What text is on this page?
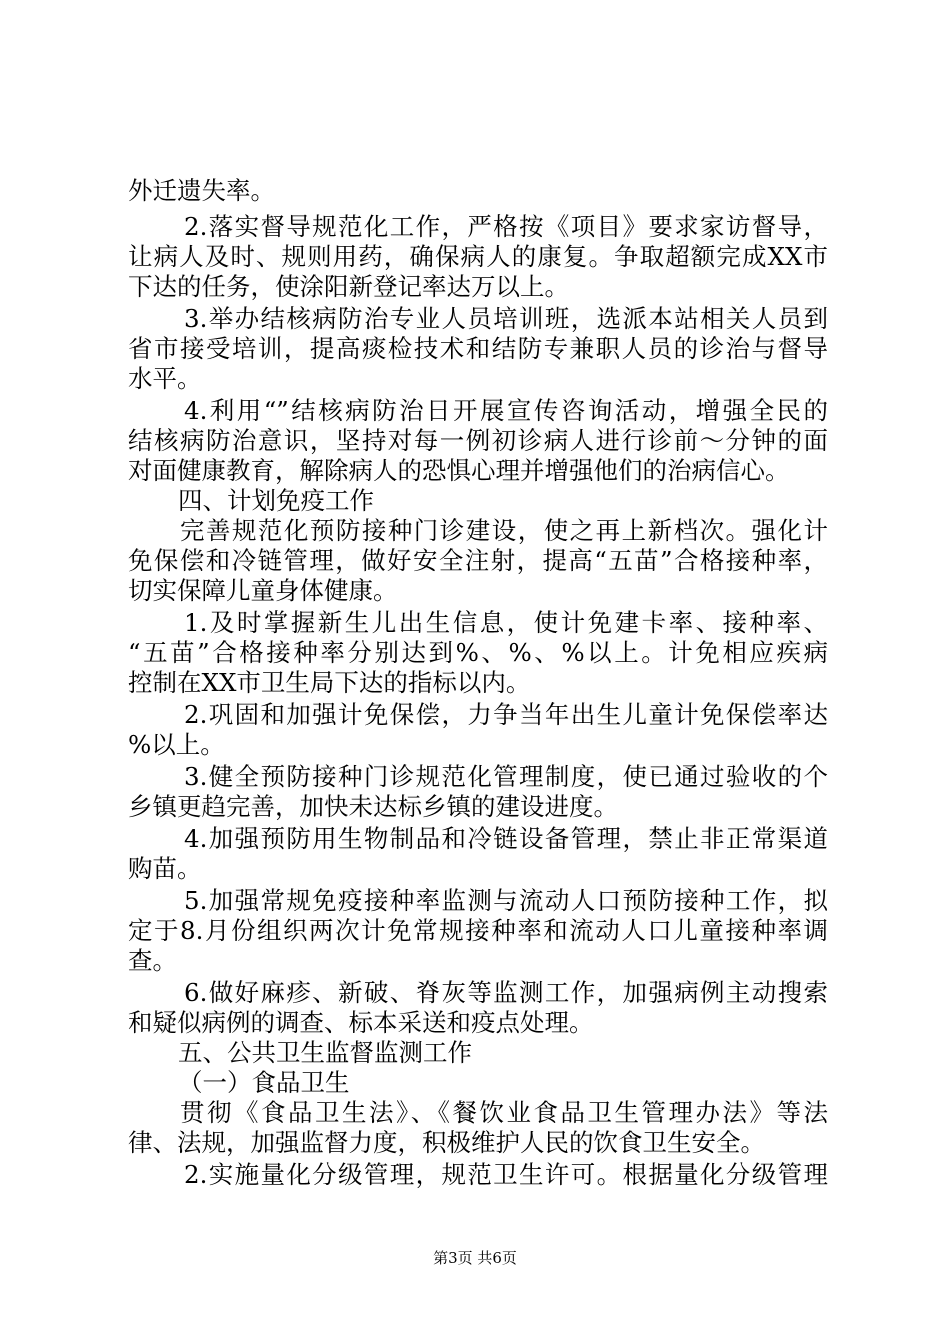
外迁遗失率。
2.落实督导规范化工作，严格按《项目》要求家访督导，
让病人及时、规则用药，确保病人的康复。争取超额完成XX市
下达的任务，使涂阳新登记率达万以上。
3.举办结核病防治专业人员培训班，选派本站相关人员到
省市接受培训，提高痰检技术和结防专兼职人员的诊治与督导
水平。
4.利用“”结核病防治日开展宣传咨询活动，增强全民的
结核病防治意识，坚持对每一例初诊病人进行诊前～分钟的面
对面健康教育，解除病人的恐惧心理并增强他们的治病信心。
四、计划免疫工作
完善规范化预防接种门诊建设，使之再上新档次。强化计
免保偿和冷链管理，做好安全注射，提高“五苗”合格接种率，
切实保障儿童身体健康。
1.及时掌握新生儿出生信息，使计免建卡率、接种率、
“五苗”合格接种率分别达到%、%、%以上。计免相应疾病
控制在XX市卫生局下达的指标以内。
2.巩固和加强计免保偿，力争当年出生儿童计免保偿率达
%以上。
3.健全预防接种门诊规范化管理制度，使已通过验收的个
乡镇更趋完善，加快未达标乡镇的建设进度。
4.加强预防用生物制品和冷链设备管理，禁止非正常渠道
购苗。
5.加强常规免疫接种率监测与流动人口预防接种工作，拟
定于8.月份组织两次计免常规接种率和流动人口儿童接种率调
查。
6.做好麻疹、新破、脊灰等监测工作，加强病例主动搜索
和疑似病例的调查、标本采送和疫点处理。
五、公共卫生监督监测工作
（一）食品卫生
贯彻《食品卫生法》、《餐饮业食品卫生管理办法》等法
律、法规，加强监督力度，积极维护人民的饮食卫生安全。
2.实施量化分级管理，规范卫生许可。根据量化分级管理
第3页 共6页
